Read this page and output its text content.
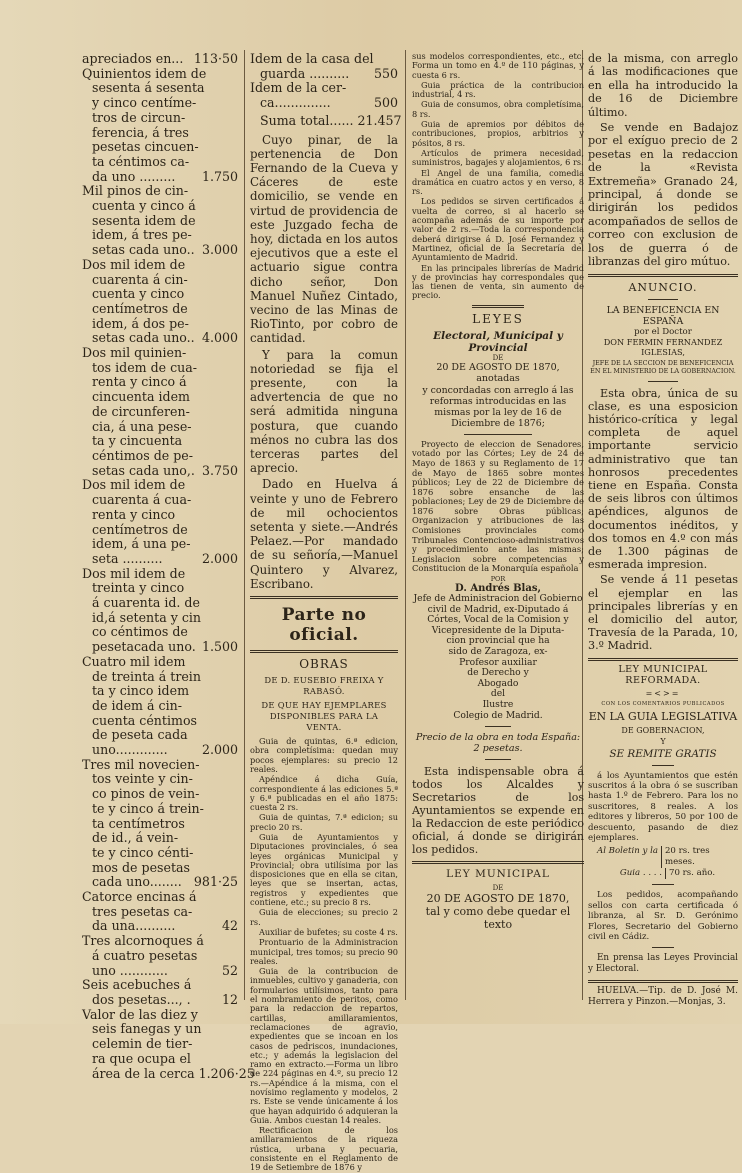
apreciados en... 113·50
Quinientos idem de
sesenta á sesenta
y cinco centíme-
tros de circun-
ferencia, á tres
pesetas cincuen-
ta céntimos ca-
da uno .........	1.750
Mil pinos de cin-
cuenta y cinco á
sesenta idem de
idem, á tres pe-
setas cada uno.. 3.000
Dos mil idem de
cuarenta á cin-
cuenta y cinco
centímetros de
idem, á dos pe-
setas cada uno.. 4.000
Dos mil quinien-
tos idem de cua-
renta y cinco á
cincuenta idem
de circunferen-
cia, á una pese-
ta y cincuenta
céntimos de pe-
setas cada uno,. 3.750
Dos mil idem de
cuarenta á cua-
renta y cinco
centímetros de
idem, á una pe-
seta ..........	2.000
Dos mil idem de
treinta y cinco
á cuarenta id. de
id,á setenta y cin
co céntimos de
pesetacada uno. 1.500
Cuatro mil idem
de treinta á trein
ta y cinco idem
de idem á cin-
cuenta céntimos
de peseta cada
uno.............	2.000
Tres mil novecien-
tos veinte y cin-
co pinos de vein-
te y cinco á trein-
ta centímetros
de id., á vein-
te y cinco cénti-
mos de pesetas
cada uno........ 981·25
Catorce encinas á
tres pesetas ca-
da una..........	42
Tres alcornoques á
á cuatro pesetas
uno ............	52
Seis acebuches á
dos pesetas..., .	12
Valor de las diez y
seis fanegas y un
celemin de tier-
ra que ocupa el
área de la cerca 1.206·25
Idem de la casa del
guarda ..........	550
Idem de la cer-
ca..............	500
Suma total...... 21.457

Cuyo pinar, de la pertenencia de Don Fernando de la Cueva y Cáceres de este domicilio, se vende en virtud de providencia de este Juzgado fecha de hoy, dictada en los autos ejecutivos que a este el actuario sigue contra dicho señor, Don Manuel Nuñez Cintado, vecino de las Minas de RioTinto, por cobro de cantidad.

Y para la comun notoriedad se fija el presente, con la advertencia de que no será admitida ninguna postura, que cuando ménos no cubra las dos terceras partes del aprecio.

Dado en Huelva á veinte y uno de Febrero de mil ochocientos setenta y siete.—Andrés Pelaez.—Por mandado de su señoría,—Manuel Quintero y Alvarez, Escribano.

Parte no oficial.
OBRAS
DE D. EUSEBIO FREIXA Y RABASÓ.
DE QUE HAY EJEMPLARES DISPONIBLES PARA LA VENTA.

Guia de quintas, 6.ª edicion, obra completísima: quedan muy pocos ejemplares: su precio 12 reales.

Apéndice á dicha Guía, correspondiente á las ediciones 5.ª y 6.ª publicadas en el año 1875: cuesta 2 rs.

Guia de quintas, 7.ª edicion; su precio 20 rs.

Guia de Ayuntamientos y Diputaciones provinciales, ó sea leyes orgánicas Municipal y Provincial; obra utilísima por las disposiciones que en ella se citan, leyes que se insertan, actas, registros y expedientes que contiene, etc.; su precio 8 rs.

Guia de elecciones; su precio 2 rs.

Auxiliar de bufetes; su coste 4 rs.

Prontuario de la Administracion municipal, tres tomos; su precio 90 reales.

Guia de la contribucion de inmuebles, cultivo y ganaderia, con formularios utilísimos, tanto para el nombramiento de peritos, como para la redaccion de repartos, cartillas, amillaramientos, reclamaciones de agravio, expedientes que se incoan en los casos de pedriscos, inundaciones, etc.; y además la legislacion del ramo en extracto.—Forma un libro de 224 páginas en 4.º, su precio 12 rs.—Apéndice á la misma, con el novísimo reglamento y modelos, 2 rs. Este se vende únicamente á los que hayan adquirido ó adquieran la Guia. Ambos cuestan 14 reales.

Rectificacion de los amillaramientos de la riqueza rústica, urbana y pecuaria, consistente en el Reglamento de 19 de Setiembre de 1876 y

sus modelos correspondientes, etc., etc. Forma un tomo en 4.º de 110 páginas, y cuesta 6 rs.

Guia práctica de la contribucion industrial, 4 rs.

Guia de consumos, obra completísima, 8 rs.

Guia de apremios por débitos de contribuciones, propios, arbitrios y pósitos, 8 rs.

Artículos de primera necesidad, suministros, bagajes y alojamientos, 6 rs.

El Angel de una familia, comedia dramática en cuatro actos y en verso, 8 rs.

Los pedidos se sirven certificados á vuelta de correo, si al hacerlo se acompaña además de su importe por valor de 2 rs.—Toda la correspondencia deberá dirigirse á D. José Fernandez y Martinez, oficial de la Secretaría del Ayuntamiento de Madrid.

En las principales librerías de Madrid y de provincias hay correspondales que las tienen de venta, sin aumento de precio.

LEYES
Electoral, Municipal y Provincial
DE
20 DE AGOSTO DE 1870,
anotadas
y concordadas con arreglo á las reformas introducidas en las mismas por la ley de 16 de Diciembre de 1876;

Proyecto de eleccion de Senadores, votado por las Córtes; Ley de 24 de Mayo de 1863 y su Reglamento de 17 de Mayo de 1865 sobre montes públicos; Ley de 22 de Diciembre de 1876 sobre ensanche de las poblaciones; Ley de 29 de Diciembre de 1876 sobre Obras públicas; Organizacion y atribuciones de las Comisiones provinciales como Tribunales Contencioso-administrativos y procedimiento ante las mismas; Legislacion sobre competencias y Constitucion de la Monarquía española

POR
D. Andrés Blas,
Jefe de Administracion del Gobierno
civil de Madrid, ex-Diputado á
Córtes, Vocal de la Comision y
Vicepresidente de la Diputa-
cion provincial que ha
sido de Zaragoza, ex-
Profesor auxiliar
de Derecho y
Abogado
del
Ilustre
Colegio de Madrid.
Precio de la obra en toda España: 2 pesetas.

Esta indispensable obra á todos los Alcaldes y Secretarios de los Ayuntamientos se expende en la Redaccion de este periódico oficial, á donde se dirigirán los pedidos.

LEY MUNICIPAL
DE
20 DE AGOSTO DE 1870,
tal y como debe quedar el texto

de la misma, con arreglo á las modificaciones que en ella ha introducido la de 16 de Diciembre último.

Se vende en Badajoz por el exíguo precio de 2 pesetas en la redaccion de la «Revista Extremeña» Granado 24, principal, á donde se dirigirán los pedidos acompañados de sellos de correo con exclusion de los de guerra ó de libranzas del giro mútuo.

ANUNCIO.
LA BENEFICENCIA EN ESPAÑA
por el Doctor
DON FERMIN FERNANDEZ IGLESIAS,
JEFE DE LA SECCION DE BENEFICENCIA EN EL MINISTERIO DE LA GOBERNACION.

Esta obra, única de su clase, es una esposicion histórico-crítica y legal completa de aquel importante servicio administrativo que tan honrosos precedentes tiene en España. Consta de seis libros con últimos apéndices, algunos de documentos inéditos, y dos tomos en 4.º con más de 1.300 páginas de esmerada impresion.

Se vende á 11 pesetas el ejemplar en las principales librerías y en el domicilio del autor, Travesía de la Parada, 10, 3.º Madrid.

LEY MUNICIPAL REFORMADA.
=<>=
CON LOS COMENTARIOS PUBLICADOS
EN LA GUIA LEGISLATIVA
DE GOBERNACION,
Y
SE REMITE GRATIS

á los Ayuntamientos que estén suscritos á la obra ó se suscriban hasta 1.º de Febrero. Para los no suscritores, 8 reales. A los editores y libreros, 50 por 100 de descuento, pasando de diez ejemplares.

Al Boletin y la 20 rs. tres meses.
Guia . . . . 70 rs. año.

Los pedidos, acompañando sellos con carta certificada ó libranza, al Sr. D. Gerónimo Flores, Secretario del Gobierno civil en Cádiz.

En prensa las Leyes Provincial y Electoral.

HUELVA.—Tip. de D. José M. Herrera y Pinzon.—Monjas, 3.
